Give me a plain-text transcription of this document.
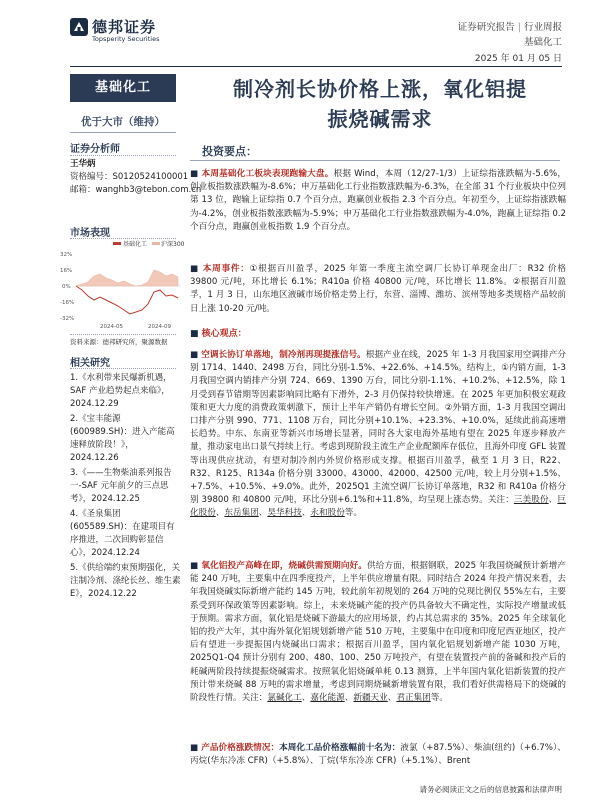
德邦证券
Topsperity Securities
证券研究报告 | 行业周报
基础化工
2025 年 01 月 05 日
基础化工
优于大市（维持）
证券分析师
王华炳
资格编号：S0120524100001
邮箱：wanghb3@tebon.com.cn
市场表现
基础化工 沪深300
32%
16%
0%
-16%
-32%
2024-05	2024-09
资料来源：德邦研究所，聚源数据
相关研究
1.《水利带来民爆新机遇，SAF 产业趋势起点来临》，2024.12.29
2.《宝丰能源(600989.SH)：进入产能高速释放阶段！》，2024.12.26
3.《——生物柴油系列报告一-SAF 元年前夕的三点思考》，2024.12.25
4.《圣泉集团(605589.SH)：在建项目有序推进，二次回购彰显信心》，2024.12.24
5.《供给端约束预期强化，关注制冷剂、涤纶长丝、维生素 E》，2024.12.22
制冷剂长协价格上涨，氧化铝提
振烧碱需求
投资要点：

■ 本周基础化工板块表现跑输大盘。根据 Wind，本周（12/27-1/3）上证综指涨跌幅为-5.6%，创业板指数涨跌幅为-8.6%；申万基础化工行业指数涨跌幅为-6.3%，在全部 31 个行业板块中位列第 13 位，跑输上证综指 0.7 个百分点，跑赢创业板指 2.3 个百分点。年初至今，上证综指涨跌幅为-4.2%，创业板指数涨跌幅为-5.9%；申万基础化工行业指数涨跌幅为-4.0%，跑赢上证综指 0.2 个百分点，跑赢创业板指数 1.9 个百分点。

■ 本周事件：①根据百川盈孚，2025 年第一季度主流空调厂长协订单现金出厂：R32 价格 39800 元/吨，环比增长 6.1%；R410a 价格 40800 元/吨，环比增长 11.8%。②根据百川盈孚，1 月 3 日，山东地区液碱市场价格走势上行，东营、淄博、潍坊、滨州等地多类规格产品较前日上涨 10-20 元/吨。

■ 核心观点：

■ 空调长协订单落地，制冷剂再现提涨信号。根据产业在线，2025 年 1-3 月我国家用空调排产分别 1714、1440、2498 万台，同比分别-1.5%、+22.6%、+14.5%。结构上，①内销方面，1-3 月我国空调内销排产分别 724、669、1390 万台，同比分别-1.1%、+10.2%、+12.5%，除 1 月受到春节错期等因素影响同比略有下滑外，2-3 月仍保持较快增速。在 2025 年更加积极宏观政策和更大力度的消费政策刺激下，预计上半年产销仍有增长空间。②外销方面，1-3 月我国空调出口排产分别 990、771、1108 万台，同比分别+10.1%、+23.3%、+10.0%，延续此前高速增长趋势。中东、东南亚等新兴市场增长显著，同时各大家电海外基地有望在 2025 年逐步释放产量，推动家电出口景气持续上行。考虑到现阶段主流生产企业配额库存低位，且海外印度 GFL 装置等出现供应扰动，有望对制冷剂内外贸价格形成支撑。根据百川盈孚，截至 1 月 3 日，R22、R32、R125、R134a 价格分别 33000、43000、42000、42500 元/吨，较上月分别+1.5%、+7.5%、+10.5%、+9.0%。此外，2025Q1 主流空调厂长协订单落地，R32 和 R410a 价格分别 39800 和 40800 元/吨，环比分别+6.1%和+11.8%，均呈现上涨态势。关注：三美股份、巨化股份、东岳集团、昊华科技、永和股份等。

■ 氧化铝投产高峰在即，烧碱供需预期向好。供给方面，根据钢联，2025 年我国烧碱预计新增产能 240 万吨，主要集中在四季度投产，上半年供应增量有限。同时结合 2024 年投产情况来看，去年我国烧碱实际新增产能约 145 万吨，较此前年初规划的 264 万吨的兑现比例仅 55%左右，主要系受到环保政策等因素影响。综上，未来烧碱产能的投产仍具备较大不确定性，实际投产增量或低于预期。需求方面，氧化铝是烧碱下游最大的应用场景，约占其总需求的 35%。2025 年全球氧化铝的投产大年，其中海外氧化铝规划新增产能 510 万吨，主要集中在印度和印度尼西亚地区，投产后有望进一步提振国内烧碱出口需求；根据百川盈孚，国内氧化铝规划新增产能 1030 万吨，2025Q1-Q4 预计分别有 200、480、100、250 万吨投产，有望在装置投产前的备碱和投产后的耗碱两阶段持续提振烧碱需求。按照氧化铝烧碱单耗 0.13 测算，上半年国内氧化铝新装置的投产预计带来烧碱 88 万吨的需求增量，考虑到同期烧碱新增装置有限，我们看好供需格局下的烧碱的阶段性行情。关注：氯碱化工、嘉化能源、新疆天业、君正集团等。

■ 产品价格涨跌情况：本周化工品价格涨幅前十名为：液氯（+87.5%）、柴油(纽约)（+6.7%）、丙烷(华东冷冻 CFR)（+5.8%）、丁烷(华东冷冻 CFR)（+5.1%）、Brent

请务必阅读正文之后的信息披露和法律声明
